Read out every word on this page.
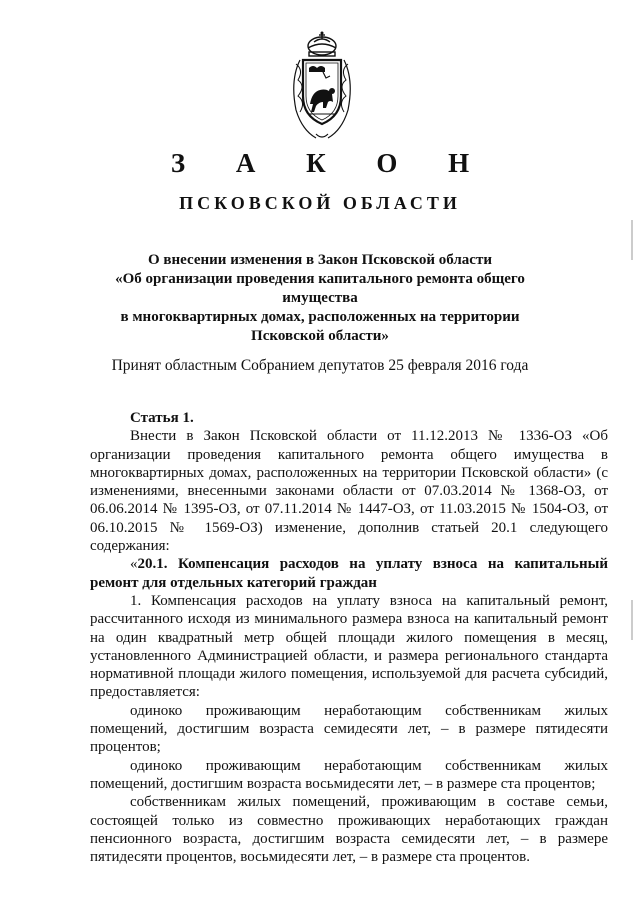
З А К О Н
ПСКОВСКОЙ ОБЛАСТИ
О внесении изменения в Закон Псковской области
«Об организации проведения капитального ремонта общего имущества
в многоквартирных домах, расположенных на территории
Псковской области»
Принят областным Собранием депутатов 25 февраля 2016 года

Статья 1.

Внести в Закон Псковской области от 11.12.2013 № 1336-ОЗ «Об организации проведения капитального ремонта общего имущества в многоквартирных домах, расположенных на территории Псковской области» (с изменениями, внесенными законами области от 07.03.2014 № 1368-ОЗ, от 06.06.2014 № 1395-ОЗ, от 07.11.2014 № 1447-ОЗ, от 11.03.2015 № 1504-ОЗ, от 06.10.2015 № 1569-ОЗ) изменение, дополнив статьей 20.1 следующего содержания:

«20.1. Компенсация расходов на уплату взноса на капитальный ремонт для отдельных категорий граждан

1. Компенсация расходов на уплату взноса на капитальный ремонт, рассчитанного исходя из минимального размера взноса на капитальный ремонт на один квадратный метр общей площади жилого помещения в месяц, установленного Администрацией области, и размера регионального стандарта нормативной площади жилого помещения, используемой для расчета субсидий, предоставляется:

одиноко проживающим неработающим собственникам жилых помещений, достигшим возраста семидесяти лет, – в размере пятидесяти процентов;

одиноко проживающим неработающим собственникам жилых помещений, достигшим возраста восьмидесяти лет, – в размере ста процентов;

собственникам жилых помещений, проживающим в составе семьи, состоящей только из совместно проживающих неработающих граждан пенсионного возраста, достигшим возраста семидесяти лет, – в размере пятидесяти процентов, восьмидесяти лет, – в размере ста процентов.
